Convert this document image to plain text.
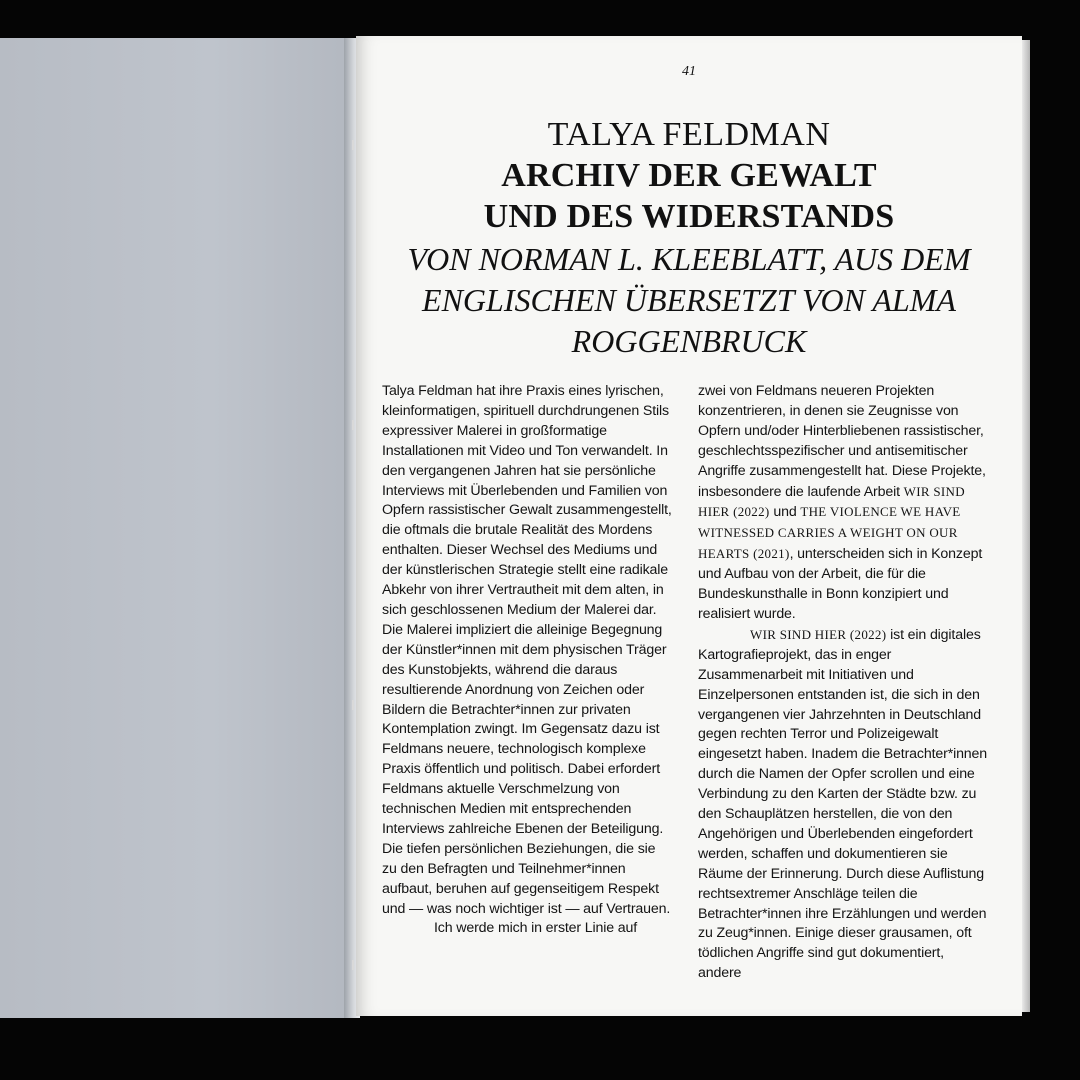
41
TALYA FELDMAN
ARCHIV DER GEWALT UND DES WIDERSTANDS
VON NORMAN L. KLEEBLATT, AUS DEM ENGLISCHEN ÜBERSETZT VON ALMA ROGGENBRUCK

Talya Feldman hat ihre Praxis eines lyrischen, kleinformatigen, spirituell durchdrungenen Stils expressiver Malerei in großformatige Installationen mit Video und Ton verwandelt. In den vergangenen Jahren hat sie persönliche Interviews mit Überlebenden und Familien von Opfern rassistischer Gewalt zusammengestellt, die oftmals die brutale Realität des Mordens enthalten. Dieser Wechsel des Mediums und der künstlerischen Strategie stellt eine radikale Abkehr von ihrer Vertrautheit mit dem alten, in sich geschlossenen Medium der Malerei dar. Die Malerei impliziert die alleinige Begegnung der Künstler*innen mit dem physischen Träger des Kunstobjekts, während die daraus resultierende Anordnung von Zeichen oder Bildern die Betrachter*innen zur privaten Kontemplation zwingt. Im Gegensatz dazu ist Feldmans neuere, technologisch komplexe Praxis öffentlich und politisch. Dabei erfordert Feldmans aktuelle Verschmelzung von technischen Medien mit entsprechenden Interviews zahlreiche Ebenen der Beteiligung. Die tiefen persönlichen Beziehungen, die sie zu den Befragten und Teilnehmer*innen aufbaut, beruhen auf gegenseitigem Respekt und — was noch wichtiger ist — auf Vertrauen.

Ich werde mich in erster Linie auf

zwei von Feldmans neueren Projekten konzentrieren, in denen sie Zeugnisse von Opfern und/oder Hinterbliebenen rassistischer, geschlechtsspezifischer und antisemitischer Angriffe zusammengestellt hat. Diese Projekte, insbesondere die laufende Arbeit WIR SIND HIER (2022) und THE VIOLENCE WE HAVE WITNESSED CARRIES A WEIGHT ON OUR HEARTS (2021), unterscheiden sich in Konzept und Aufbau von der Arbeit, die für die Bundeskunsthalle in Bonn konzipiert und realisiert wurde.

WIR SIND HIER (2022) ist ein digitales Kartografieprojekt, das in enger Zusammenarbeit mit Initiativen und Einzelpersonen entstanden ist, die sich in den vergangenen vier Jahrzehnten in Deutschland gegen rechten Terror und Polizeigewalt eingesetzt haben. Inadem die Betrachter*innen durch die Namen der Opfer scrollen und eine Verbindung zu den Karten der Städte bzw. zu den Schauplätzen herstellen, die von den Angehörigen und Überlebenden eingefordert werden, schaffen und dokumentieren sie Räume der Erinnerung. Durch diese Auflistung rechtsextremer Anschläge teilen die Betrachter*innen ihre Erzählungen und werden zu Zeug*innen. Einige dieser grausamen, oft tödlichen Angriffe sind gut dokumentiert, andere
